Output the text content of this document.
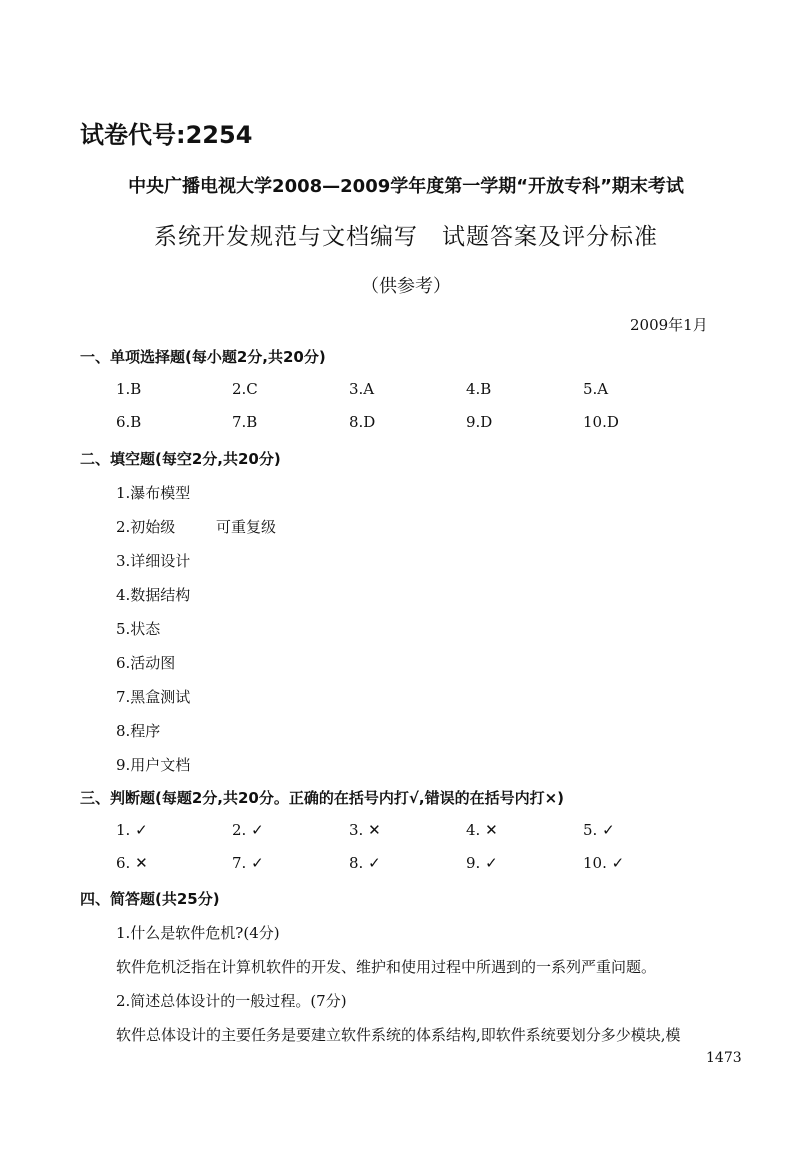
试卷代号:2254
中央广播电视大学2008—2009学年度第一学期“开放专科”期末考试
系统开发规范与文档编写　试题答案及评分标准
（供参考）
2009年1月
一、单项选择题(每小题2分,共20分)
1.B	2.C	3.A	4.B	5.A
6.B	7.B	8.D	9.D	10.D
二、填空题(每空2分,共20分)
1.瀑布模型
2.初始级	可重复级
3.详细设计
4.数据结构
5.状态
6.活动图
7.黑盒测试
8.程序
9.用户文档
三、判断题(每题2分,共20分。正确的在括号内打√,错误的在括号内打×)
1. ✓	2. ✓	3. ✕	4. ✕	5. ✓
6. ✕	7. ✓	8. ✓	9. ✓	10. ✓
四、简答题(共25分)
1.什么是软件危机?(4分)
软件危机泛指在计算机软件的开发、维护和使用过程中所遇到的一系列严重问题。
2.简述总体设计的一般过程。(7分)
软件总体设计的主要任务是要建立软件系统的体系结构,即软件系统要划分多少模块,模
1473
